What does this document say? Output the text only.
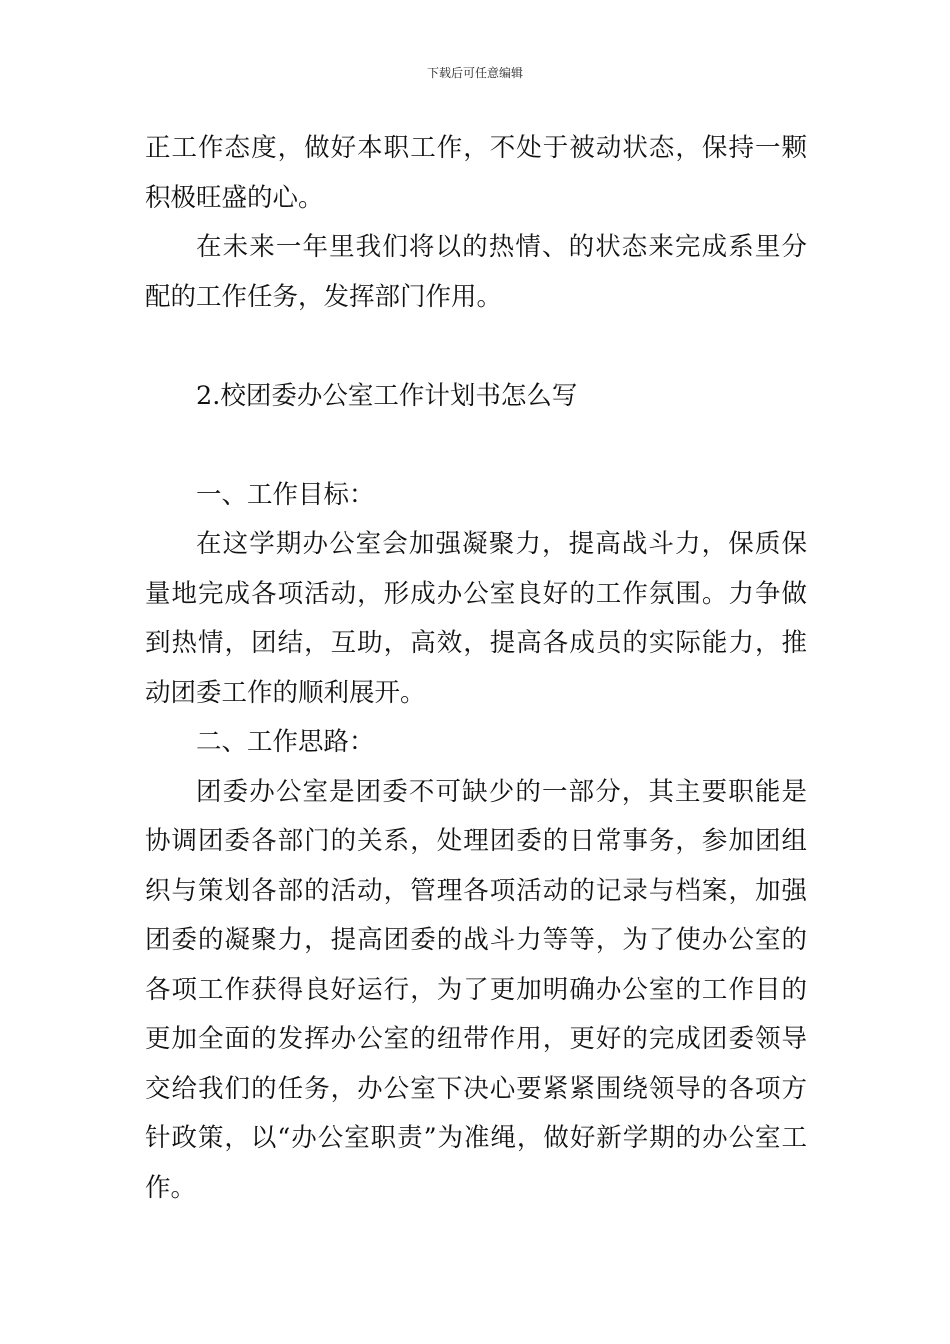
下载后可任意编辑

正工作态度，做好本职工作，不处于被动状态，保持一颗积极旺盛的心。

在未来一年里我们将以的热情、的状态来完成系里分配的工作任务，发挥部门作用。

2.校团委办公室工作计划书怎么写

一、工作目标：

在这学期办公室会加强凝聚力，提高战斗力，保质保量地完成各项活动，形成办公室良好的工作氛围。力争做到热情，团结，互助，高效，提高各成员的实际能力，推动团委工作的顺利展开。

二、工作思路：

团委办公室是团委不可缺少的一部分，其主要职能是协调团委各部门的关系，处理团委的日常事务，参加团组织与策划各部的活动，管理各项活动的记录与档案，加强团委的凝聚力，提高团委的战斗力等等，为了使办公室的各项工作获得良好运行，为了更加明确办公室的工作目的更加全面的发挥办公室的纽带作用，更好的完成团委领导交给我们的任务，办公室下决心要紧紧围绕领导的各项方针政策，以“办公室职责”为准绳，做好新学期的办公室工作。
